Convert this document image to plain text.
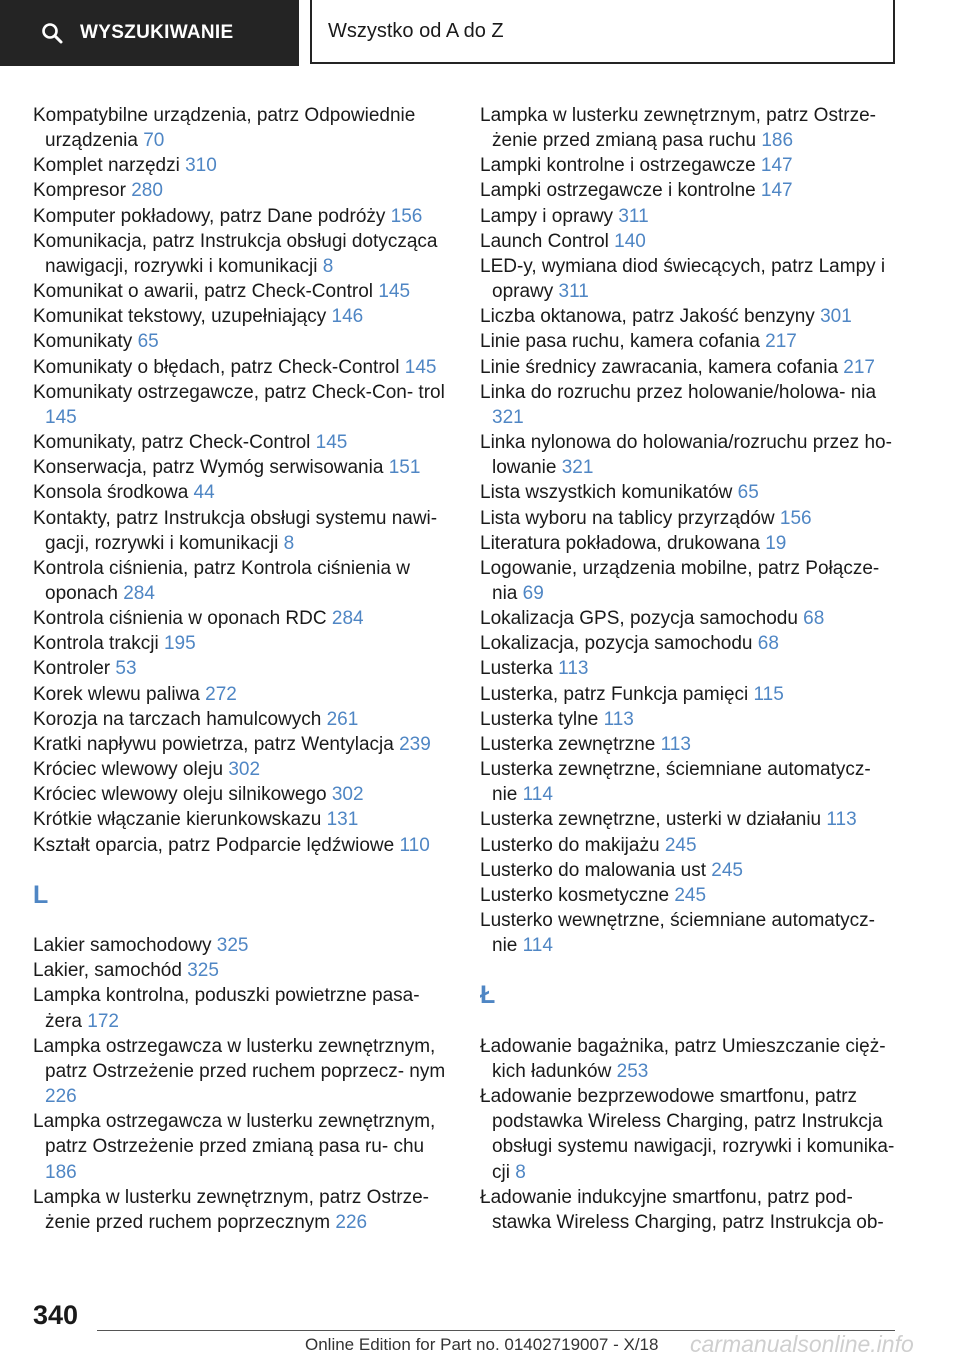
WYSZUKIWANIE	Wszystko od A do Z
Kompatybilne urządzenia, patrz Odpowiednie urządzenia 70
Komplet narzędzi 310
Kompresor 280
Komputer pokładowy, patrz Dane podróży 156
Komunikacja, patrz Instrukcja obsługi dotycząca nawigacji, rozrywki i komunikacji 8
Komunikat o awarii, patrz Check-Control 145
Komunikat tekstowy, uzupełniający 146
Komunikaty 65
Komunikaty o błędach, patrz Check-Control 145
Komunikaty ostrzegawcze, patrz Check-Con‐ trol 145
Komunikaty, patrz Check-Control 145
Konserwacja, patrz Wymóg serwisowania 151
Konsola środkowa 44
Kontakty, patrz Instrukcja obsługi systemu nawi‐ gacji, rozrywki i komunikacji 8
Kontrola ciśnienia, patrz Kontrola ciśnienia w oponach 284
Kontrola ciśnienia w oponach RDC 284
Kontrola trakcji 195
Kontroler 53
Korek wlewu paliwa 272
Korozja na tarczach hamulcowych 261
Kratki napływu powietrza, patrz Wentylacja 239
Króciec wlewowy oleju 302
Króciec wlewowy oleju silnikowego 302
Krótkie włączanie kierunkowskazu 131
Kształt oparcia, patrz Podparcie lędźwiowe 110
L
Lakier samochodowy 325
Lakier, samochód 325
Lampka kontrolna, poduszki powietrzne pasa‐ żera 172
Lampka ostrzegawcza w lusterku zewnętrznym, patrz Ostrzeżenie przed ruchem poprzecz‐ nym 226
Lampka ostrzegawcza w lusterku zewnętrznym, patrz Ostrzeżenie przed zmianą pasa ru‐ chu 186
Lampka w lusterku zewnętrznym, patrz Ostrze‐ żenie przed ruchem poprzecznym 226
Lampka w lusterku zewnętrznym, patrz Ostrze‐ żenie przed zmianą pasa ruchu 186
Lampki kontrolne i ostrzegawcze 147
Lampki ostrzegawcze i kontrolne 147
Lampy i oprawy 311
Launch Control 140
LED-y, wymiana diod świecących, patrz Lampy i oprawy 311
Liczba oktanowa, patrz Jakość benzyny 301
Linie pasa ruchu, kamera cofania 217
Linie średnicy zawracania, kamera cofania 217
Linka do rozruchu przez holowanie/holowa‐ nia 321
Linka nylonowa do holowania/rozruchu przez ho‐ lowanie 321
Lista wszystkich komunikatów 65
Lista wyboru na tablicy przyrządów 156
Literatura pokładowa, drukowana 19
Logowanie, urządzenia mobilne, patrz Połącze‐ nia 69
Lokalizacja GPS, pozycja samochodu 68
Lokalizacja, pozycja samochodu 68
Lusterka 113
Lusterka, patrz Funkcja pamięci 115
Lusterka tylne 113
Lusterka zewnętrzne 113
Lusterka zewnętrzne, ściemniane automatycz‐ nie 114
Lusterka zewnętrzne, usterki w działaniu 113
Lusterko do makijażu 245
Lusterko do malowania ust 245
Lusterko kosmetyczne 245
Lusterko wewnętrzne, ściemniane automatycz‐ nie 114
Ł
Ładowanie bagażnika, patrz Umieszczanie cięż‐ kich ładunków 253
Ładowanie bezprzewodowe smartfonu, patrz podstawka Wireless Charging, patrz Instrukcja obsługi systemu nawigacji, rozrywki i komunika‐ cji 8
Ładowanie indukcyjne smartfonu, patrz pod‐ stawka Wireless Charging, patrz Instrukcja ob‐
340
Online Edition for Part no. 01402719007 - X/18 carmanualsonline.info
